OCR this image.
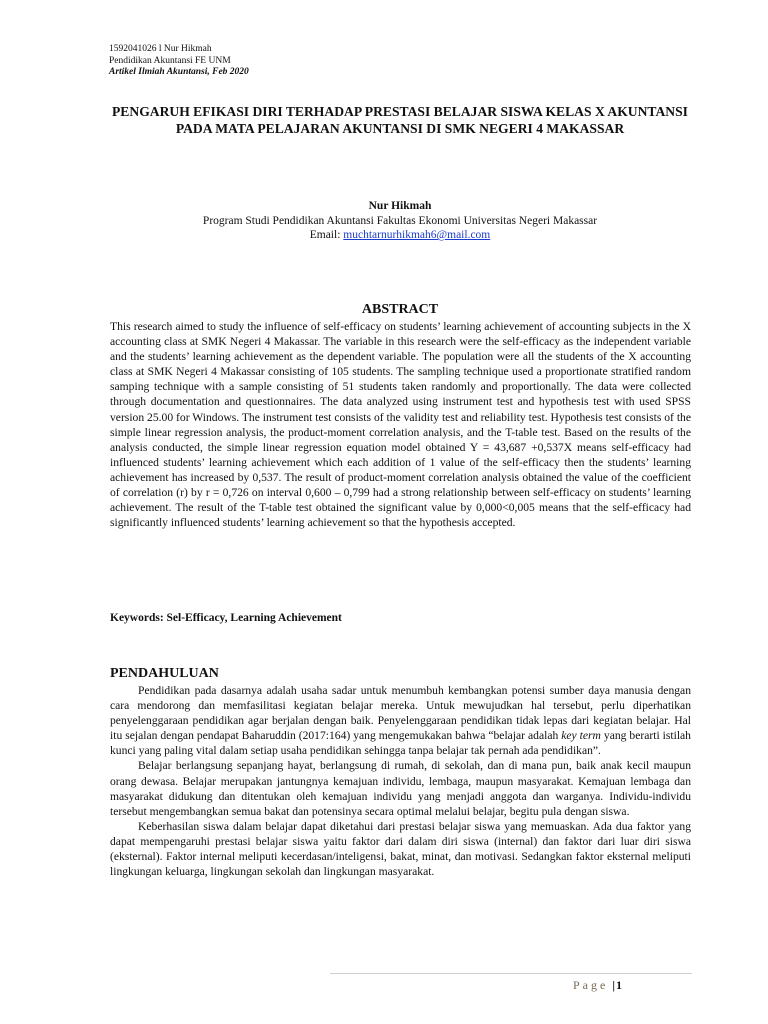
1592041026 l Nur Hikmah
Pendidikan Akuntansi FE UNM
Artikel Ilmiah Akuntansi, Feb 2020
PENGARUH EFIKASI DIRI TERHADAP PRESTASI BELAJAR SISWA KELAS X AKUNTANSI PADA MATA PELAJARAN AKUNTANSI DI SMK NEGERI 4 MAKASSAR
Nur Hikmah
Program Studi Pendidikan Akuntansi Fakultas Ekonomi Universitas Negeri Makassar
Email: muchtarnurhikmah6@mail.com
ABSTRACT

This research aimed to study the influence of self-efficacy on students’ learning achievement of accounting subjects in the X accounting class at SMK Negeri 4 Makassar. The variable in this research were the self-efficacy as the independent variable and the students’ learning achievement as the dependent variable. The population were all the students of the X accounting class at SMK Negeri 4 Makassar consisting of 105 students. The sampling technique used a proportionate stratified random samping technique with a sample consisting of 51 students taken randomly and proportionally. The data were collected through documentation and questionnaires. The data analyzed using instrument test and hypothesis test with used SPSS version 25.00 for Windows. The instrument test consists of the validity test and reliability test. Hypothesis test consists of the simple linear regression analysis, the product-moment correlation analysis, and the T-table test. Based on the results of the analysis conducted, the simple linear regression equation model obtained Y = 43,687 +0,537X means self-efficacy had influenced students’ learning achievement which each addition of 1 value of the self-efficacy then the students’ learning achievement has increased by 0,537. The result of product-moment correlation analysis obtained the value of the coefficient of correlation (r) by r = 0,726 on interval 0,600 – 0,799 had a strong relationship between self-efficacy on students’ learning achievement. The result of the T-table test obtained the significant value by 0,000<0,005 means that the self-efficacy had significantly influenced students’ learning achievement so that the hypothesis accepted.

Keywords: Sel-Efficacy, Learning Achievement

PENDAHULUAN

Pendidikan pada dasarnya adalah usaha sadar untuk menumbuh kembangkan potensi sumber daya manusia dengan cara mendorong dan memfasilitasi kegiatan belajar mereka. Untuk mewujudkan hal tersebut, perlu diperhatikan penyelenggaraan pendidikan agar berjalan dengan baik. Penyelenggaraan pendidikan tidak lepas dari kegiatan belajar. Hal itu sejalan dengan pendapat Baharuddin (2017:164) yang mengemukakan bahwa “belajar adalah key term yang berarti istilah kunci yang paling vital dalam setiap usaha pendidikan sehingga tanpa belajar tak pernah ada pendidikan”.

Belajar berlangsung sepanjang hayat, berlangsung di rumah, di sekolah, dan di mana pun, baik anak kecil maupun orang dewasa. Belajar merupakan jantungnya kemajuan individu, lembaga, maupun masyarakat. Kemajuan lembaga dan masyarakat didukung dan ditentukan oleh kemajuan individu yang menjadi anggota dan warganya. Individu-individu tersebut mengembangkan semua bakat dan potensinya secara optimal melalui belajar, begitu pula dengan siswa.

Keberhasilan siswa dalam belajar dapat diketahui dari prestasi belajar siswa yang memuaskan. Ada dua faktor yang dapat mempengaruhi prestasi belajar siswa yaitu faktor dari dalam diri siswa (internal) dan faktor dari luar diri siswa (eksternal). Faktor internal meliputi kecerdasan/inteligensi, bakat, minat, dan motivasi. Sedangkan faktor eksternal meliputi lingkungan keluarga, lingkungan sekolah dan lingkungan masyarakat.

Page |1
